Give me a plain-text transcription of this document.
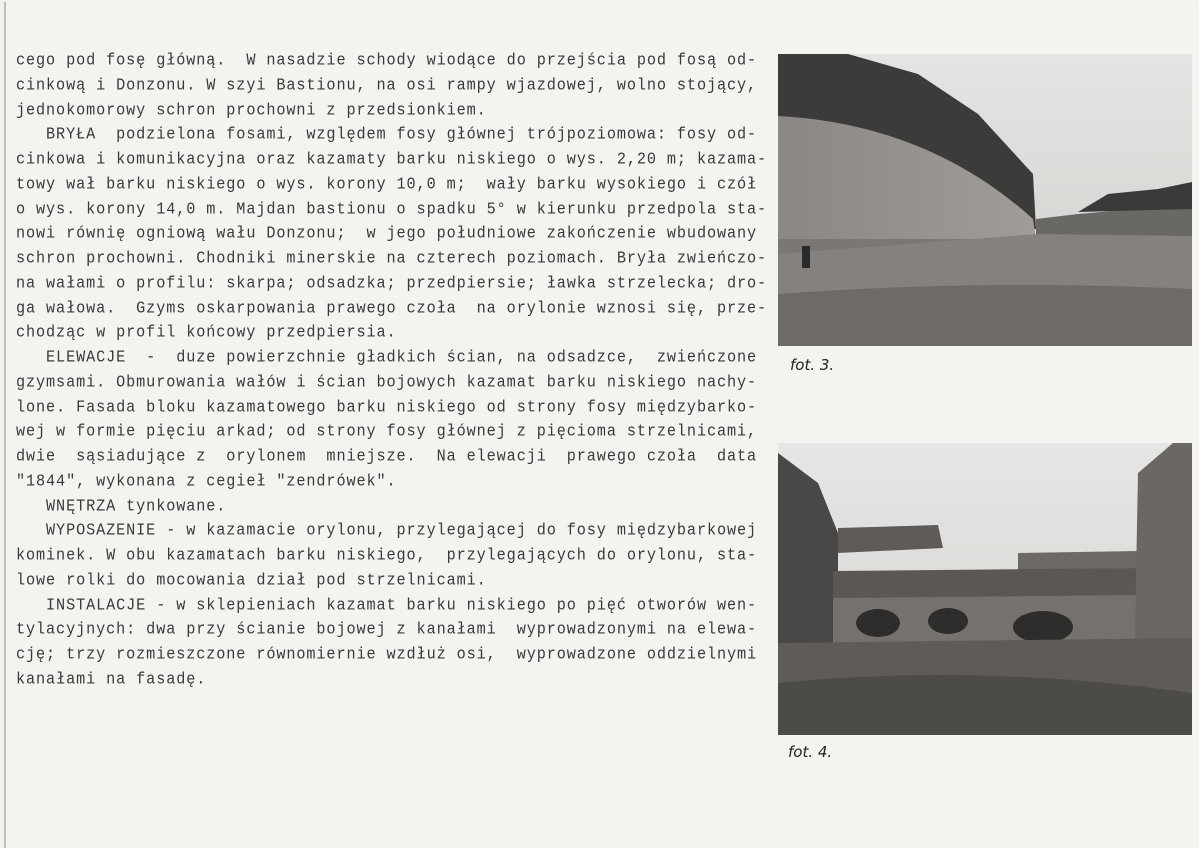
cego pod fosę główną.  W nasadzie schody wiodące do przejścia pod fosą od-
cinkową i Donzonu. W szyi Bastionu, na osi rampy wjazdowej, wolno stojący,
jednokomorowy schron prochowni z przedsionkiem.
BRYŁA  podzielona fosami, względem fosy głównej trójpoziomowa: fosy od-
cinkowa i komunikacyjna oraz kazamaty barku niskiego o wys. 2,20 m; kazama-
towy wał barku niskiego o wys. korony 10,0 m;  wały barku wysokiego i czół
o wys. korony 14,0 m. Majdan bastionu o spadku 5° w kierunku przedpola sta-
nowi równię ogniową wału Donzonu;  w jego południowe zakończenie wbudowany
schron prochowni. Chodniki minerskie na czterech poziomach. Bryła zwieńczo-
na wałami o profilu: skarpa; odsadzka; przedpiersie; ławka strzelecka; dro-
ga wałowa.  Gzyms oskarpowania prawego czoła  na orylonie wznosi się, prze-
chodząc w profil końcowy przedpiersia.
ELEWACJE  -  duze powierzchnie gładkich ścian, na odsadzce,  zwieńczone
gzymsami. Obmurowania wałów i ścian bojowych kazamat barku niskiego nachy-
lone. Fasada bloku kazamatowego barku niskiego od strony fosy międzybarko-
wej w formie pięciu arkad; od strony fosy głównej z pięcioma strzelnicami,
dwie  sąsiadujące z  orylonem  mniejsze.  Na elewacji  prawego czoła  data
"1844", wykonana z cegieł "zendrówek".
WNĘTRZA tynkowane.
WYPOSAZENIE - w kazamacie orylonu, przylegającej do fosy międzybarkowej
kominek. W obu kazamatach barku niskiego,  przylegających do orylonu, sta-
lowe rolki do mocowania dział pod strzelnicami.
INSTALACJE - w sklepieniach kazamat barku niskiego po pięć otworów wen-
tylacyjnych: dwa przy ścianie bojowej z kanałami  wyprowadzonymi na elewa-
cję; trzy rozmieszczone równomiernie wzdłuż osi,  wyprowadzone oddzielnymi
kanałami na fasadę.
fot. 3.
fot. 4.
